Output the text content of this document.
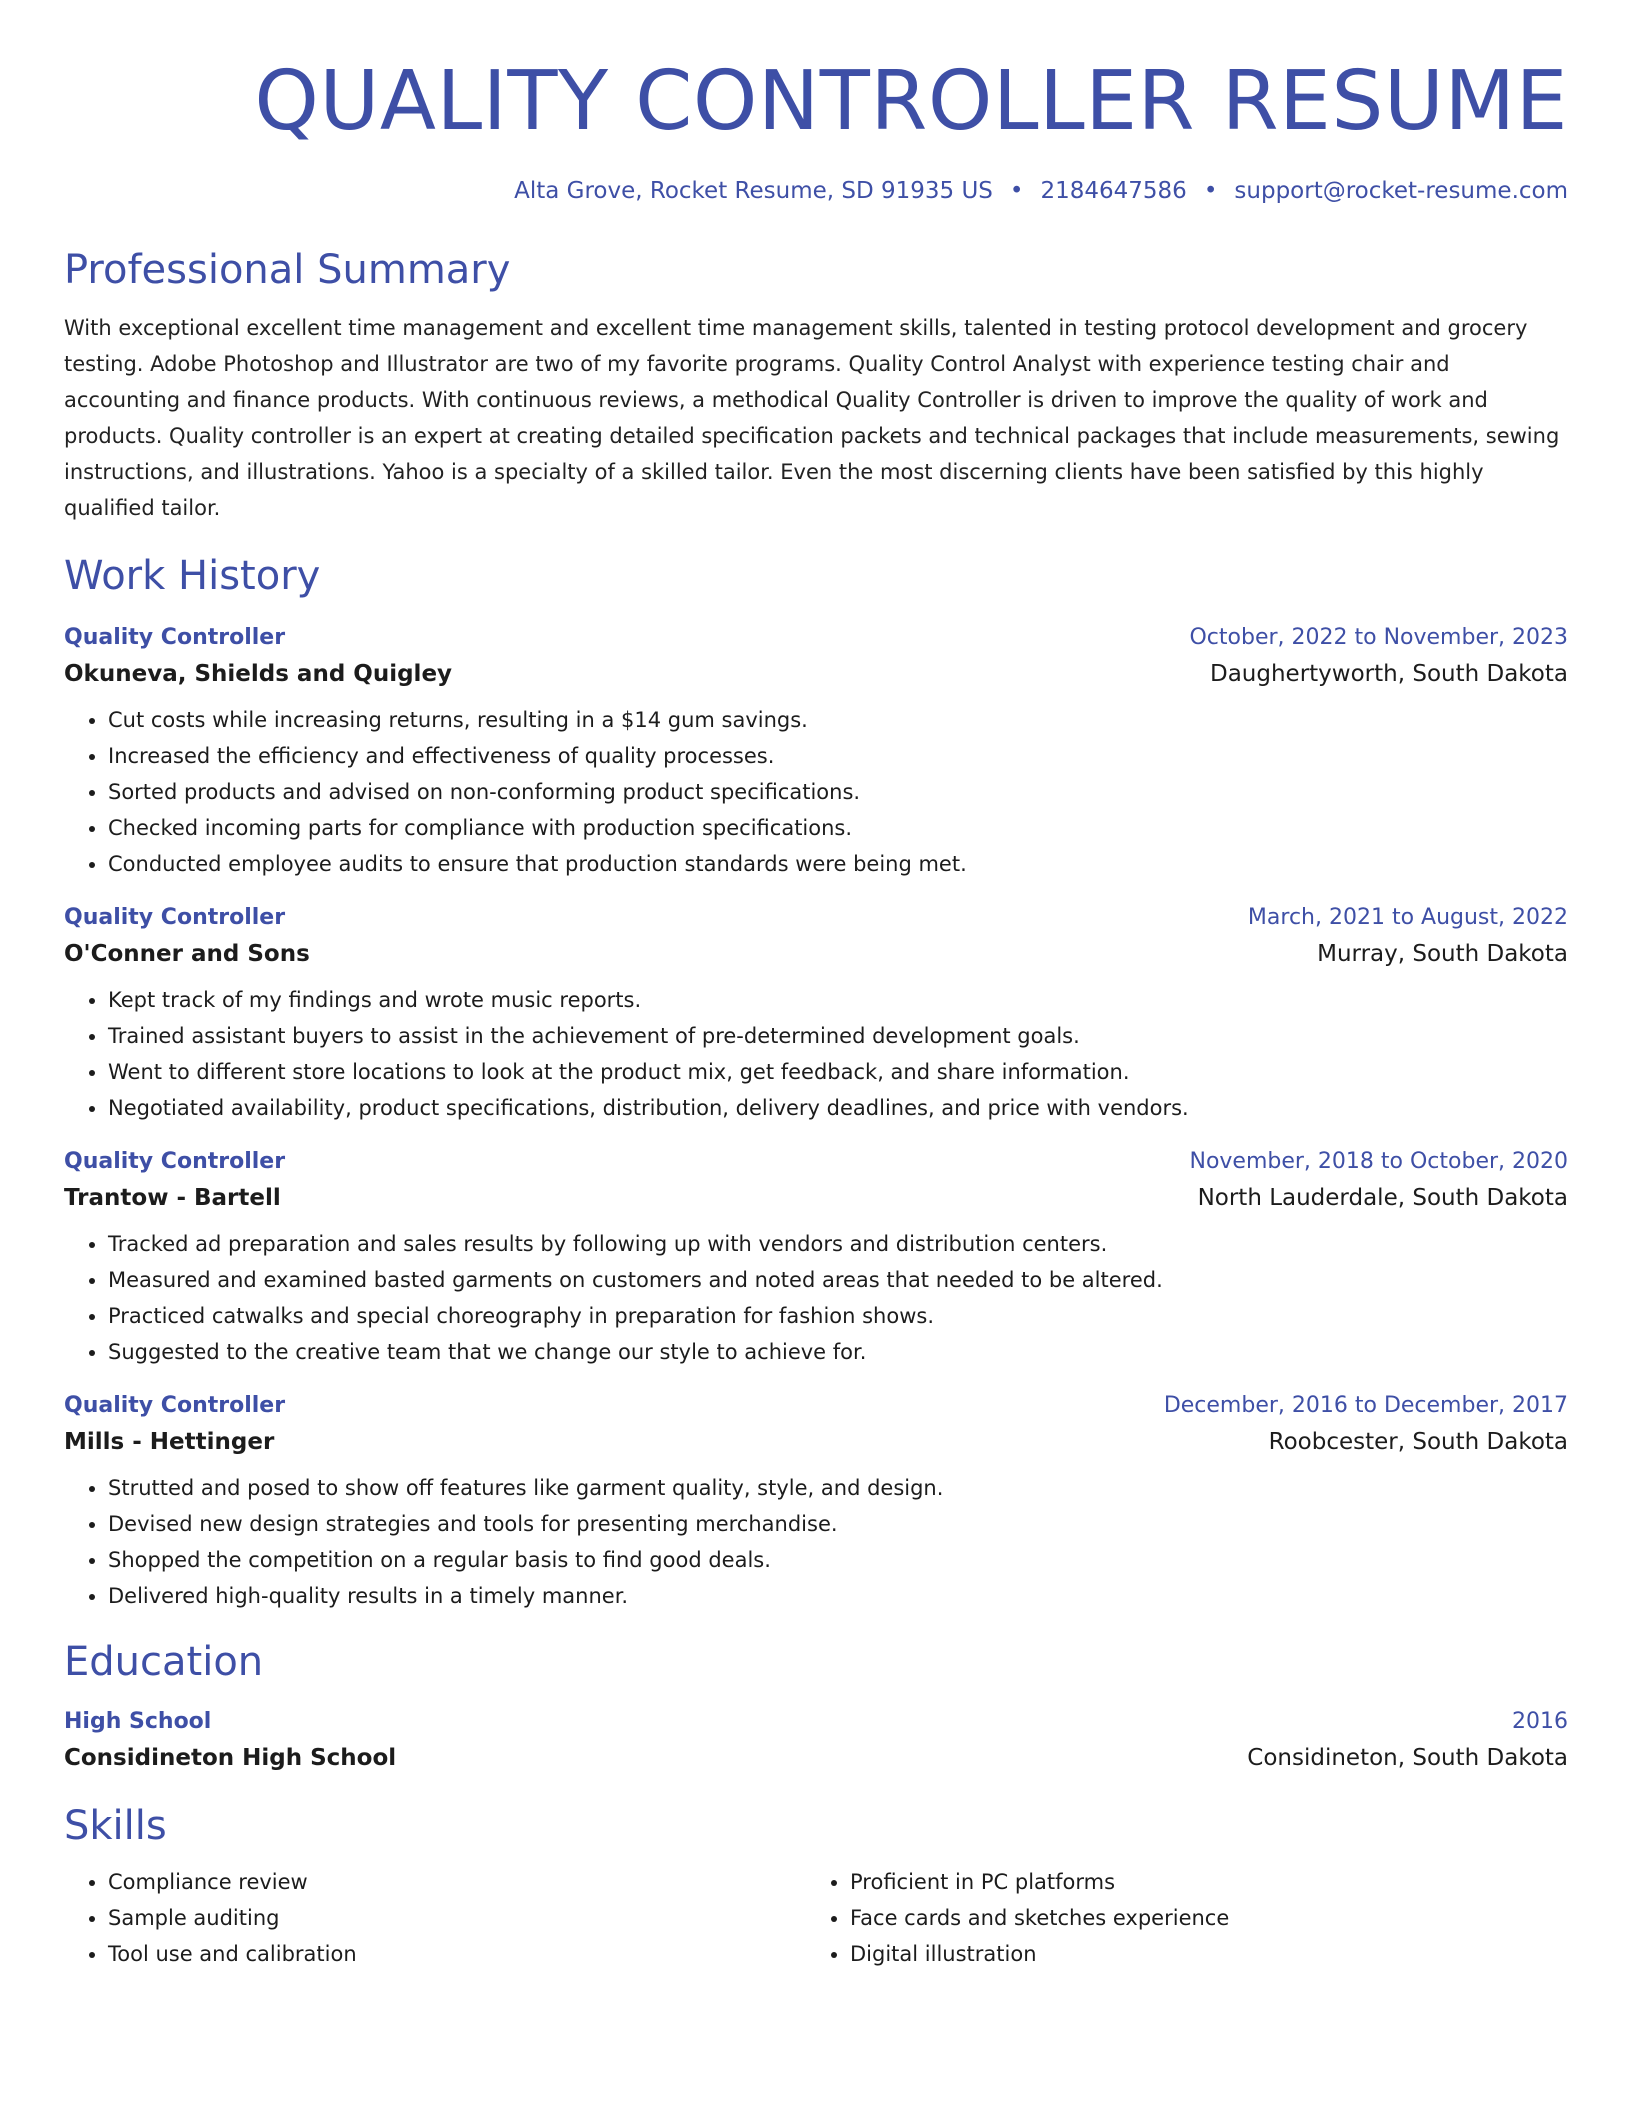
QUALITY CONTROLLER RESUME
Alta Grove, Rocket Resume, SD 91935 US • 2184647586 • support@rocket-resume.com
Professional Summary
With exceptional excellent time management and excellent time management skills, talented in testing protocol development and grocery testing. Adobe Photoshop and Illustrator are two of my favorite programs. Quality Control Analyst with experience testing chair and accounting and finance products. With continuous reviews, a methodical Quality Controller is driven to improve the quality of work and products. Quality controller is an expert at creating detailed specification packets and technical packages that include measurements, sewing instructions, and illustrations. Yahoo is a specialty of a skilled tailor. Even the most discerning clients have been satisfied by this highly qualified tailor.
Work History
Quality Controller	October, 2022 to November, 2023
Okuneva, Shields and Quigley	Daughertyworth, South Dakota
• Cut costs while increasing returns, resulting in a $14 gum savings.
• Increased the efficiency and effectiveness of quality processes.
• Sorted products and advised on non-conforming product specifications.
• Checked incoming parts for compliance with production specifications.
• Conducted employee audits to ensure that production standards were being met.
Quality Controller	March, 2021 to August, 2022
O'Conner and Sons	Murray, South Dakota
• Kept track of my findings and wrote music reports.
• Trained assistant buyers to assist in the achievement of pre-determined development goals.
• Went to different store locations to look at the product mix, get feedback, and share information.
• Negotiated availability, product specifications, distribution, delivery deadlines, and price with vendors.
Quality Controller	November, 2018 to October, 2020
Trantow - Bartell	North Lauderdale, South Dakota
• Tracked ad preparation and sales results by following up with vendors and distribution centers.
• Measured and examined basted garments on customers and noted areas that needed to be altered.
• Practiced catwalks and special choreography in preparation for fashion shows.
• Suggested to the creative team that we change our style to achieve for.
Quality Controller	December, 2016 to December, 2017
Mills - Hettinger	Roobcester, South Dakota
• Strutted and posed to show off features like garment quality, style, and design.
• Devised new design strategies and tools for presenting merchandise.
• Shopped the competition on a regular basis to find good deals.
• Delivered high-quality results in a timely manner.
Education
High School	2016
Considineton High School	Considineton, South Dakota
Skills
• Compliance review
• Sample auditing
• Tool use and calibration
• Proficient in PC platforms
• Face cards and sketches experience
• Digital illustration
